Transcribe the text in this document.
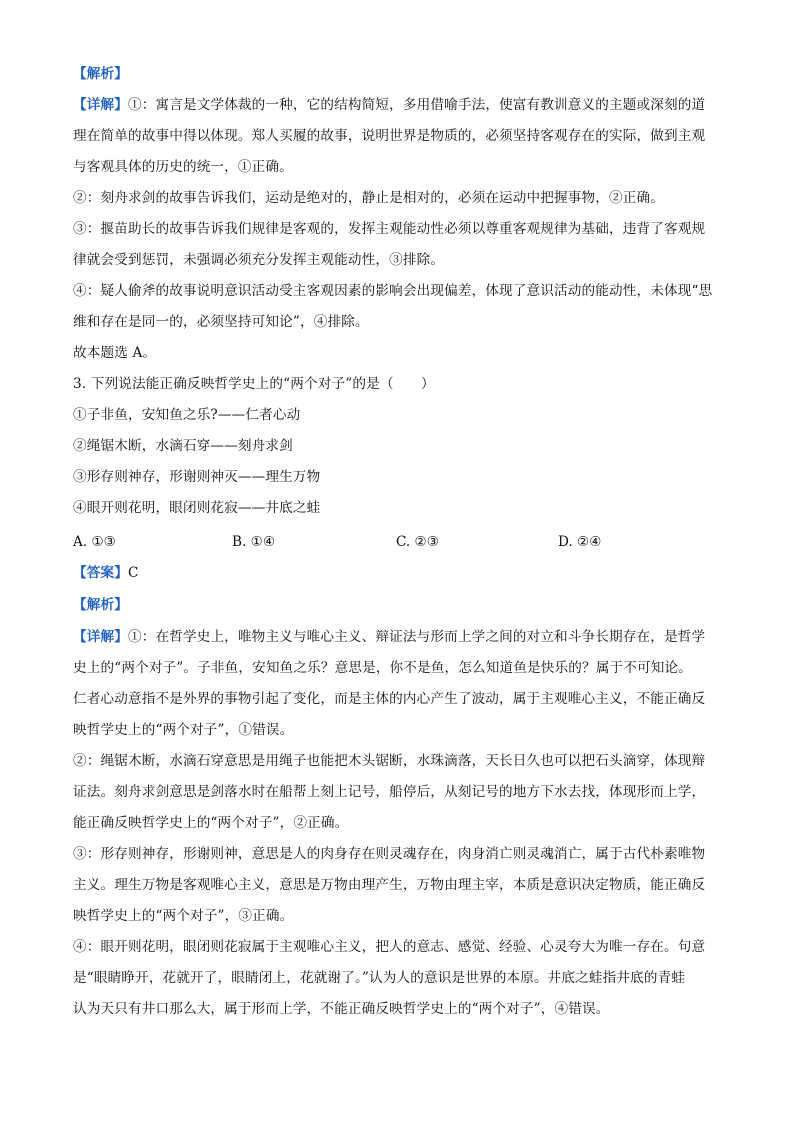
【解析】
【详解】①：寓言是文学体裁的一种，它的结构简短，多用借喻手法，使富有教训意义的主题或深刻的道
理在简单的故事中得以体现。郑人买履的故事，说明世界是物质的，必须坚持客观存在的实际，做到主观
与客观具体的历史的统一，①正确。
②：刻舟求剑的故事告诉我们，运动是绝对的，静止是相对的，必须在运动中把握事物，②正确。
③：揠苗助长的故事告诉我们规律是客观的，发挥主观能动性必须以尊重客观规律为基础，违背了客观规
律就会受到惩罚，未强调必须充分发挥主观能动性，③排除。
④：疑人偷斧的故事说明意识活动受主客观因素的影响会出现偏差，体现了意识活动的能动性，未体现“思
维和存在是同一的，必须坚持可知论”，④排除。
故本题选 A。
3. 下列说法能正确反映哲学史上的“两个对子”的是（　　）
①子非鱼，安知鱼之乐?——仁者心动
②绳锯木断，水滴石穿——刻舟求剑
③形存则神存，形谢则神灭——理生万物
④眼开则花明，眼闭则花寂——井底之蛙
A. ①③	B. ①④	C. ②③	D. ②④
【答案】C
【解析】
【详解】①：在哲学史上，唯物主义与唯心主义、辩证法与形而上学之间的对立和斗争长期存在，是哲学
史上的“两个对子”。子非鱼，安知鱼之乐？意思是，你不是鱼，怎么知道鱼是快乐的？属于不可知论。
仁者心动意指不是外界的事物引起了变化，而是主体的内心产生了波动，属于主观唯心主义，不能正确反
映哲学史上的“两个对子”，①错误。
②：绳锯木断，水滴石穿意思是用绳子也能把木头锯断，水珠滴落，天长日久也可以把石头滴穿，体现辩
证法。刻舟求剑意思是剑落水时在船帮上刻上记号，船停后，从刻记号的地方下水去找，体现形而上学，
能正确反映哲学史上的“两个对子”，②正确。
③：形存则神存，形谢则神，意思是人的肉身存在则灵魂存在，肉身消亡则灵魂消亡，属于古代朴素唯物
主义。理生万物是客观唯心主义，意思是万物由理产生，万物由理主宰，本质是意识决定物质，能正确反
映哲学史上的“两个对子”，③正确。
④：眼开则花明，眼闭则花寂属于主观唯心主义，把人的意志、感觉、经验、心灵夸大为唯一存在。句意
是“眼睛睁开，花就开了，眼睛闭上，花就谢了。”认为人的意识是世界的本原。井底之蛙指井底的青蛙
认为天只有井口那么大，属于形而上学，不能正确反映哲学史上的“两个对子”，④错误。
